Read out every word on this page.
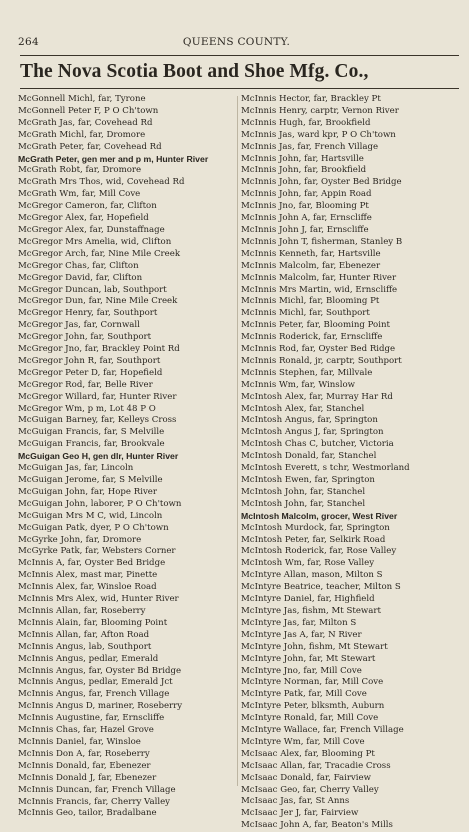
264	QUEENS COUNTY.
The Nova Scotia Boot and Shoe Mfg. Co.,
McGonnell Michl, far, Tyrone
McGonnell Peter F, P O Ch'town
McGrath Jas, far, Covehead Rd
McGrath Michl, far, Dromore
McGrath Peter, far, Covehead Rd
McGrath Peter, gen mer and p m, Hunter River
McGrath Robt, far, Dromore
McGrath Mrs Thos, wid, Covehead Rd
McGrath Wm, far, Mill Cove
McGregor Cameron, far, Clifton
McGregor Alex, far, Hopefield
McGregor Alex, far, Dunstaffnage
McGregor Mrs Amelia, wid, Clifton
McGregor Arch, far, Nine Mile Creek
McGregor Chas, far, Clifton
McGregor David, far, Clifton
McGregor Duncan, lab, Southport
McGregor Dun, far, Nine Mile Creek
McGregor Henry, far, Southport
McGregor Jas, far, Cornwall
McGregor John, far, Southport
McGregor Jno, far, Brackley Point Rd
McGregor John R, far, Southport
McGregor Peter D, far, Hopefield
McGregor Rod, far, Belle River
McGregor Willard, far, Hunter River
McGregor Wm, p m, Lot 48 P O
McGuigan Barney, far, Kelleys Cross
McGuigan Francis, far, S Melville
McGuigan Francis, far, Brookvale
McGuigan Geo H, gen dlr, Hunter River
McGuigan Jas, far, Lincoln
McGuigan Jerome, far, S Melville
McGuigan John, far, Hope River
McGuigan John, laborer, P O Ch'town
McGuigan Mrs M C, wid, Lincoln
McGuigan Patk, dyer, P O Ch'town
McGyrke John, far, Dromore
McGyrke Patk, far, Websters Corner
McInnis A, far, Oyster Bed Bridge
McInnis Alex, mast mar, Pinette
McInnis Alex, far, Winsloe Road
McInnis Mrs Alex, wid, Hunter River
McInnis Allan, far, Roseberry
McInnis Alain, far, Blooming Point
McInnis Allan, far, Afton Road
McInnis Angus, lab, Southport
McInnis Angus, pedlar, Emerald
McInnis Angus, far, Oyster Bd Bridge
McInnis Angus, pedlar, Emerald Jct
McInnis Angus, far, French Village
McInnis Angus D, mariner, Roseberry
McInnis Augustine, far, Ernscliffe
McInnis Chas, far, Hazel Grove
McInnis Daniel, far, Winsloe
McInnis Don A, far, Roseberry
McInnis Donald, far, Ebenezer
McInnis Donald J, far, Ebenezer
McInnis Duncan, far, French Village
McInnis Francis, far, Cherry Valley
McInnis Geo, tailor, Bradalbane
McInnis Hector, far, Brackley Pt
McInnis Henry, carptr, Vernon River
McInnis Hugh, far, Brookfield
McInnis Jas, ward kpr, P O Ch'town
McInnis Jas, far, French Village
McInnis John, far, Hartsville
McInnis John, far, Brookfield
McInnis John, far, Oyster Bed Bridge
McInnis John, far, Appin Road
McInnis Jno, far, Blooming Pt
McInnis John A, far, Ernscliffe
McInnis John J, far, Ernscliffe
McInnis John T, fisherman, Stanley B
McInnis Kenneth, far, Hartsville
McInnis Malcolm, far, Ebenezer
McInnis Malcolm, far, Hunter River
McInnis Mrs Martin, wid, Ernscliffe
McInnis Michl, far, Blooming Pt
McInnis Michl, far, Southport
McInnis Peter, far, Blooming Point
McInnis Roderick, far, Ernscliffe
McInnis Rod, far, Oyster Bed Ridge
McInnis Ronald, jr, carptr, Southport
McInnis Stephen, far, Millvale
McInnis Wm, far, Winslow
McIntosh Alex, far, Murray Har Rd
McIntosh Alex, far, Stanchel
McIntosh Angus, far, Springton
McIntosh Angus J, far, Springton
McIntosh Chas C, butcher, Victoria
McIntosh Donald, far, Stanchel
McIntosh Everett, s tchr, Westmorland
McIntosh Ewen, far, Springton
McIntosh John, far, Stanchel
McIntosh John, far, Stanchel
McIntosh Malcolm, grocer, West River
McIntosh Murdock, far, Springton
McIntosh Peter, far, Selkirk Road
McIntosh Roderick, far, Rose Valley
McIntosh Wm, far, Rose Valley
McIntyre Allan, mason, Milton S
McIntyre Beatrice, teacher, Milton S
McIntyre Daniel, far, Highfield
McIntyre Jas, fishm, Mt Stewart
McIntyre Jas, far, Milton S
McIntyre Jas A, far, N River
McIntyre John, fishm, Mt Stewart
McIntyre John, far, Mt Stewart
McIntyre Jno, far, Mill Cove
McIntyre Norman, far, Mill Cove
McIntyre Patk, far, Mill Cove
McIntyre Peter, blksmth, Auburn
McIntyre Ronald, far, Mill Cove
McIntyre Wallace, far, French Village
McIntyre Wm, far, Mill Cove
McIsaac Alex, far, Blooming Pt
McIsaac Allan, far, Tracadie Cross
McIsaac Donald, far, Fairview
McIsaac Geo, far, Cherry Valley
McIsaac Jas, far, St Anns
McIsaac Jer J, far, Fairview
McIsaac John A, far, Beaton's Mills
